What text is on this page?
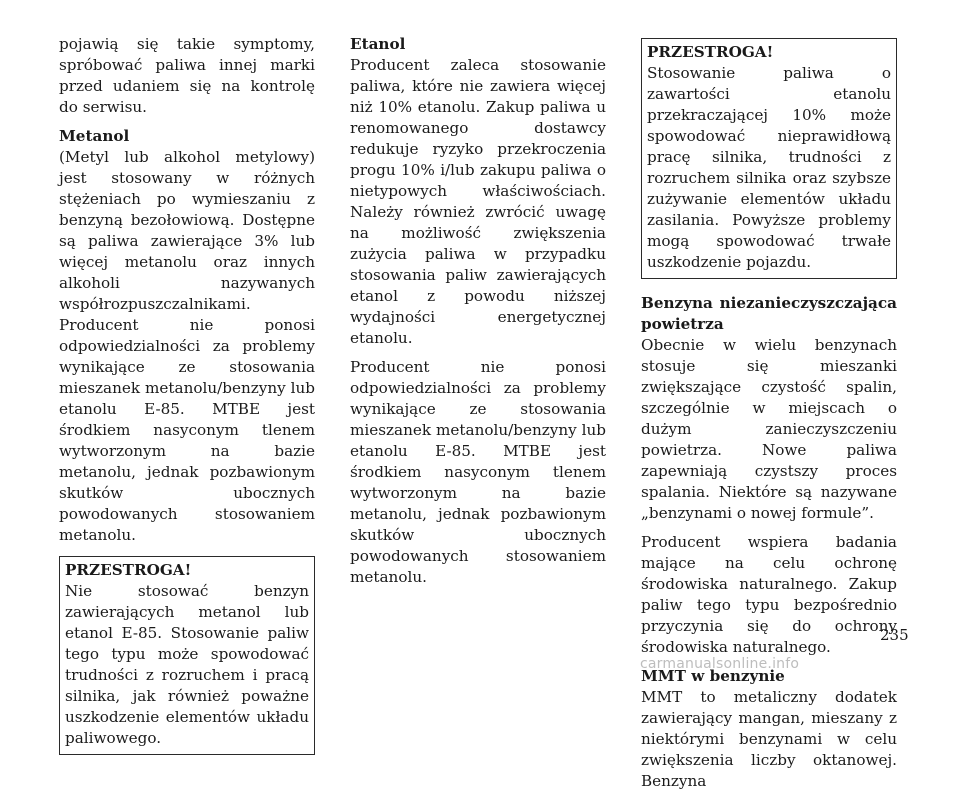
pojawią się takie symptomy, spróbować paliwa innej marki przed udaniem się na kontrolę do serwisu.

Metanol

(Metyl lub alkohol metylowy) jest stosowany w różnych stężeniach po wymieszaniu z benzyną bezołowiową. Dostępne są paliwa zawierające 3% lub więcej metanolu oraz innych alkoholi nazywanych współrozpuszczalnikami. Producent nie ponosi odpowiedzialności za problemy wynikające ze stosowania mieszanek metanolu/benzyny lub etanolu E-85. MTBE jest środkiem nasyconym tlenem wytworzonym na bazie metanolu, jednak pozbawionym skutków ubocznych powodowanych stosowaniem metanolu.

PRZESTROGA!

Nie stosować benzyn zawierających metanol lub etanol E-85. Stosowanie paliw tego typu może spowodować trudności z rozruchem i pracą silnika, jak również poważne uszkodzenie elementów układu paliwowego.

Etanol

Producent zaleca stosowanie paliwa, które nie zawiera więcej niż 10% etanolu. Zakup paliwa u renomowanego dostawcy redukuje ryzyko przekroczenia progu 10% i/lub zakupu paliwa o nietypowych właściwościach. Należy również zwrócić uwagę na możliwość zwiększenia zużycia paliwa w przypadku stosowania paliw zawierających etanol z powodu niższej wydajności energetycznej etanolu.

Producent nie ponosi odpowiedzialności za problemy wynikające ze stosowania mieszanek metanolu/benzyny lub etanolu E-85. MTBE jest środkiem nasyconym tlenem wytworzonym na bazie metanolu, jednak pozbawionym skutków ubocznych powodowanych stosowaniem metanolu.

PRZESTROGA!

Stosowanie paliwa o zawartości etanolu przekraczającej 10% może spowodować nieprawidłową pracę silnika, trudności z rozruchem silnika oraz szybsze zużywanie elementów układu zasilania. Powyższe problemy mogą spowodować trwałe uszkodzenie pojazdu.

Benzyna niezanieczyszczająca powietrza

Obecnie w wielu benzynach stosuje się mieszanki zwiększające czystość spalin, szczególnie w miejscach o dużym zanieczyszczeniu powietrza. Nowe paliwa zapewniają czystszy proces spalania. Niektóre są nazywane „benzynami o nowej formule”.

Producent wspiera badania mające na celu ochronę środowiska naturalnego. Zakup paliw tego typu bezpośrednio przyczynia się do ochrony środowiska naturalnego.

MMT w benzynie

MMT to metaliczny dodatek zawierający mangan, mieszany z niektórymi benzynami w celu zwiększenia liczby oktanowej. Benzyna

235
carmanualsonline.info
